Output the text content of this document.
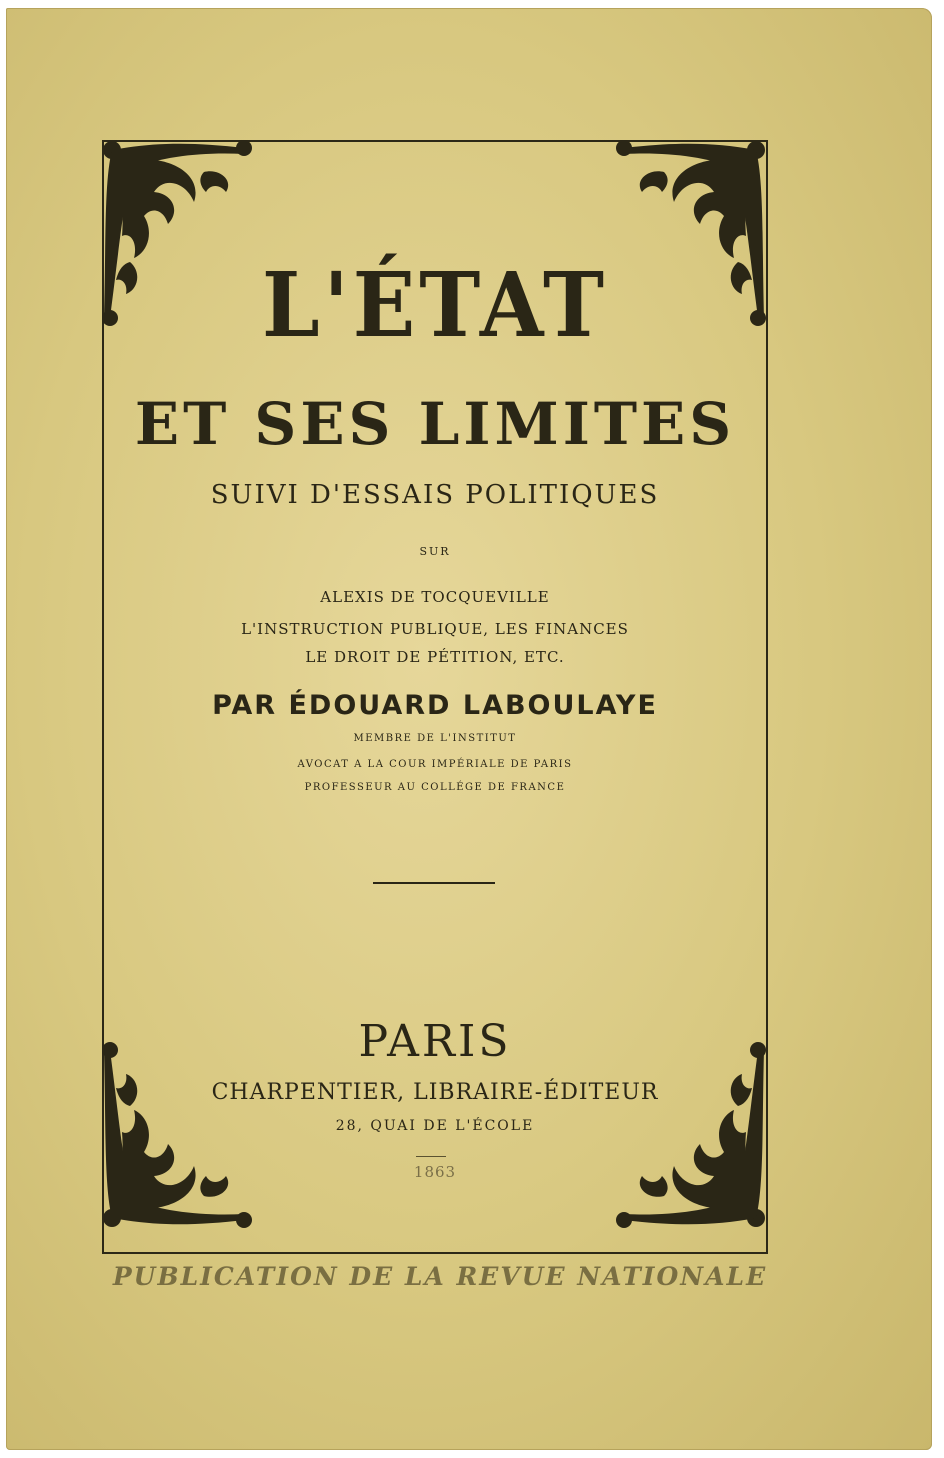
L'ÉTAT
ET SES LIMITES

SUIVI D'ESSAIS POLITIQUES

SUR

ALEXIS DE TOCQUEVILLE

L'INSTRUCTION PUBLIQUE, LES FINANCES

LE DROIT DE PÉTITION, ETC.

PAR ÉDOUARD LABOULAYE

MEMBRE DE L'INSTITUT

AVOCAT A LA COUR IMPÉRIALE DE PARIS

PROFESSEUR AU COLLÉGE DE FRANCE

PARIS

CHARPENTIER, LIBRAIRE-ÉDITEUR

28, QUAI DE L'ÉCOLE

1863

PUBLICATION DE LA REVUE NATIONALE
